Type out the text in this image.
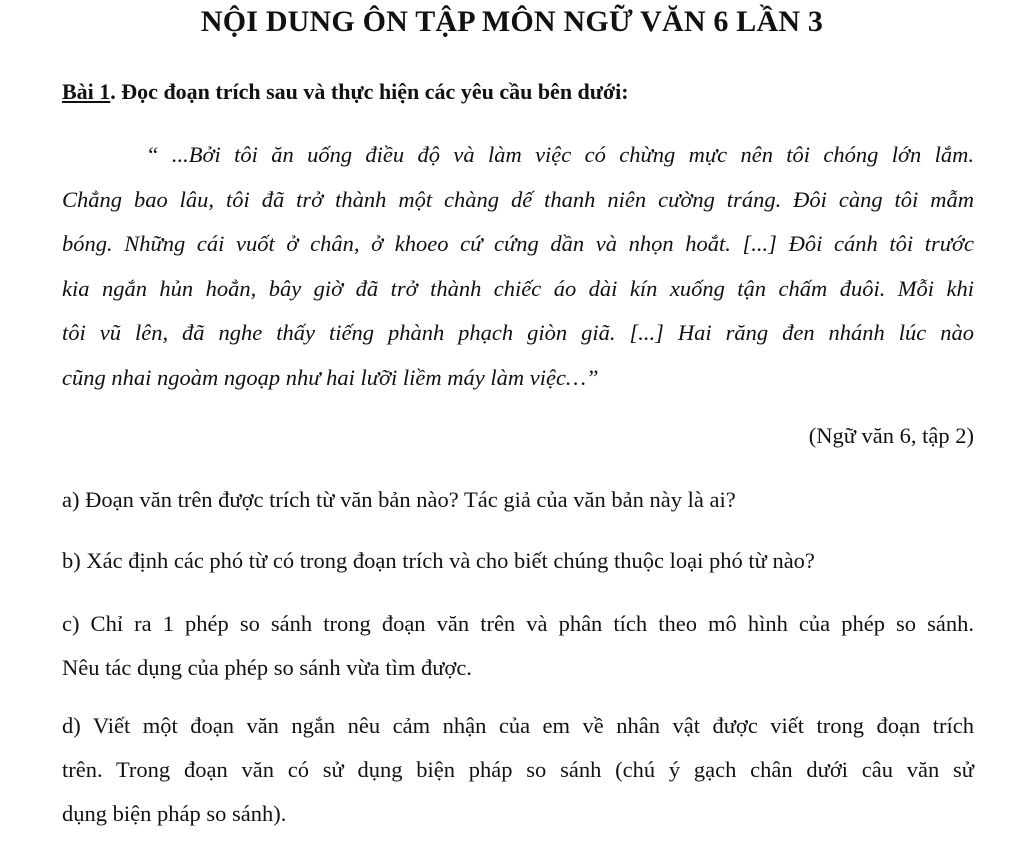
NỘI DUNG ÔN TẬP MÔN NGỮ VĂN 6 LẦN 3
Bài 1. Đọc đoạn trích sau và thực hiện các yêu cầu bên dưới:
“ ...Bởi tôi ăn uống điều độ và làm việc có chừng mực nên tôi chóng lớn lắm.
Chẳng bao lâu, tôi đã trở thành một chàng dế thanh niên cường tráng. Đôi càng tôi mẫm
bóng. Những cái vuốt ở chân, ở khoeo cứ cứng dần và nhọn hoắt. [...] Đôi cánh tôi trước
kia ngắn hủn hoẳn, bây giờ đã trở thành chiếc áo dài kín xuống tận chấm đuôi. Mỗi khi
tôi vũ lên, đã nghe thấy tiếng phành phạch giòn giã. [...] Hai răng đen nhánh lúc nào
cũng nhai ngoàm ngoạp như hai lưỡi liềm máy làm việc…”
(Ngữ văn 6, tập 2)
a) Đoạn văn trên được trích từ văn bản nào? Tác giả của văn bản này là ai?
b) Xác định các phó từ có trong đoạn trích và cho biết chúng thuộc loại phó từ nào?
c) Chỉ ra 1 phép so sánh trong đoạn văn trên và phân tích theo mô hình của phép so sánh.
Nêu tác dụng của phép so sánh vừa tìm được.
d) Viết một đoạn văn ngắn nêu cảm nhận của em về nhân vật được viết trong đoạn trích
trên. Trong đoạn văn có sử dụng biện pháp so sánh (chú ý gạch chân dưới câu văn sử
dụng biện pháp so sánh).
